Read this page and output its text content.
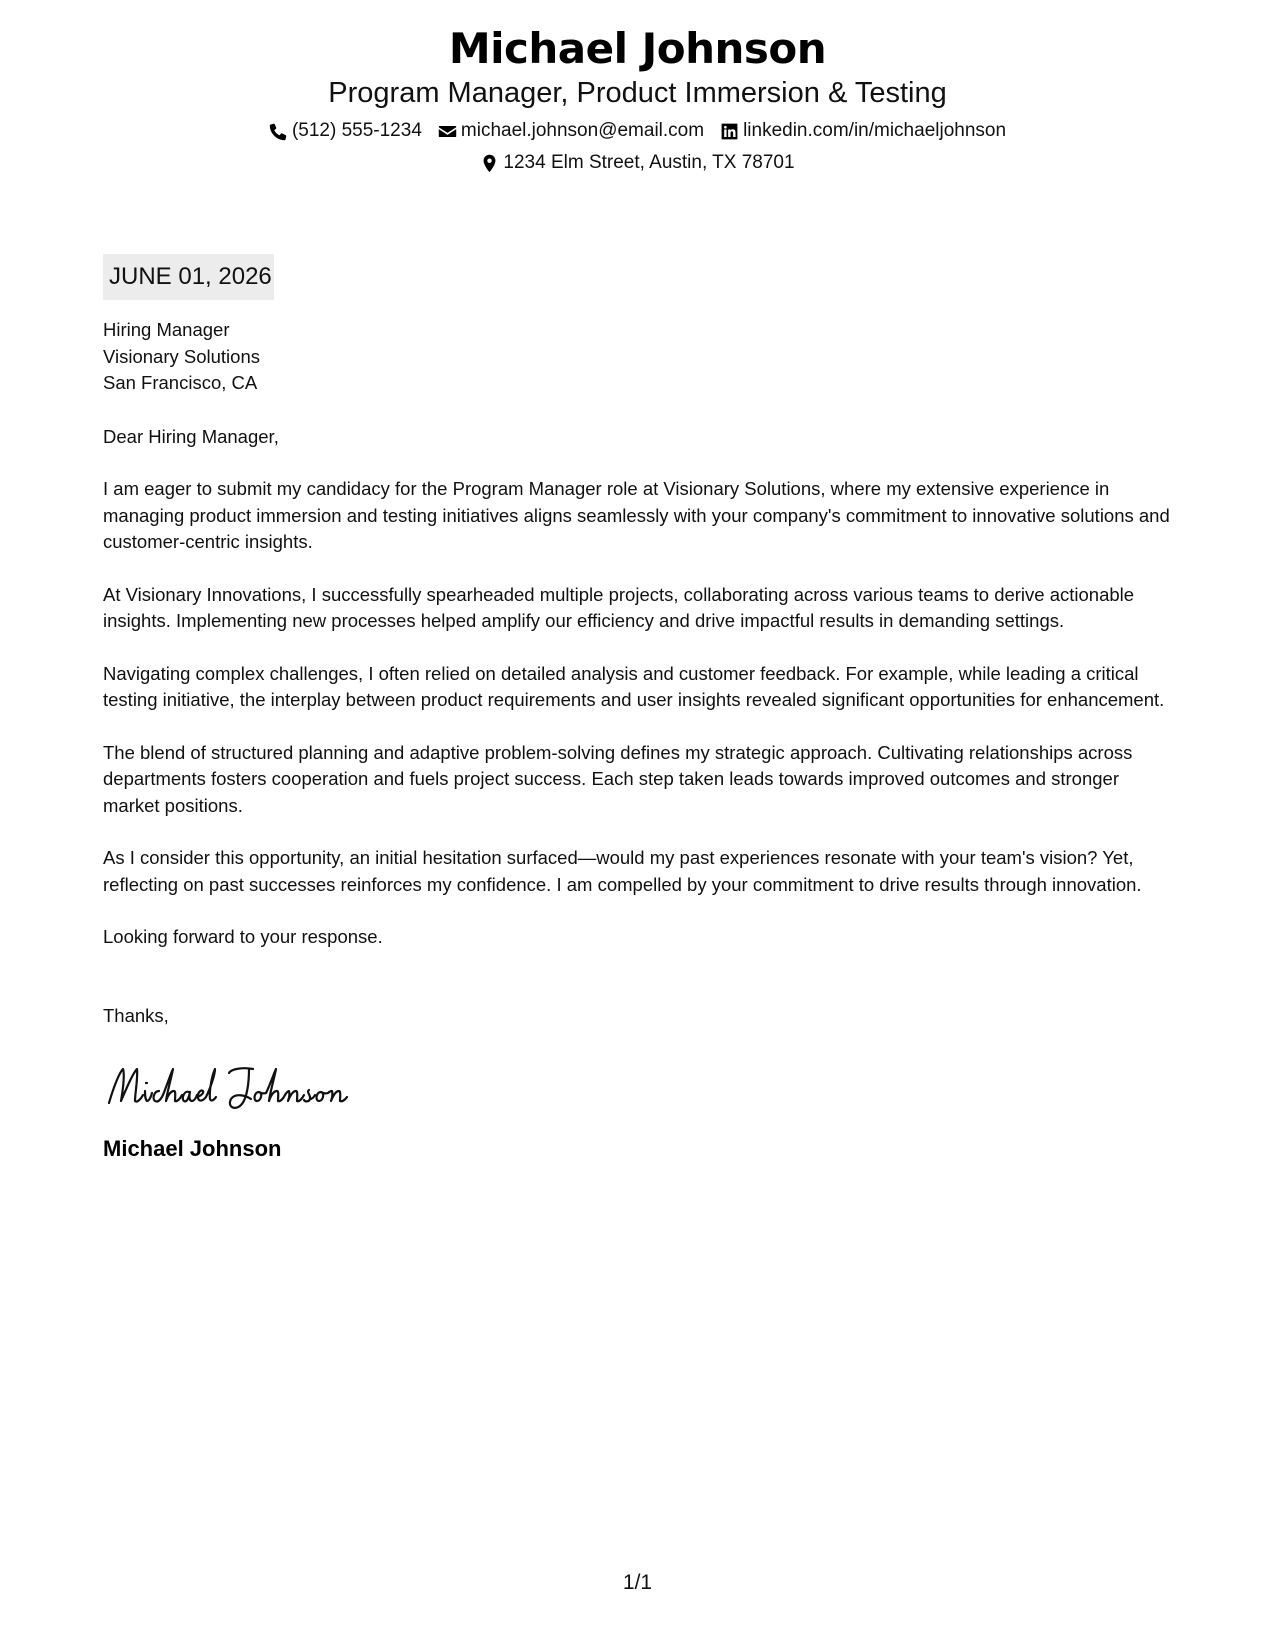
Michael Johnson
Program Manager, Product Immersion & Testing
(512) 555-1234 michael.johnson@email.com linkedin.com/in/michaeljohnson
1234 Elm Street, Austin, TX 78701
JUNE 01, 2026
Hiring Manager
Visionary Solutions
San Francisco, CA
Dear Hiring Manager,
I am eager to submit my candidacy for the Program Manager role at Visionary Solutions, where my extensive experience in managing product immersion and testing initiatives aligns seamlessly with your company's commitment to innovative solutions and customer-centric insights.
At Visionary Innovations, I successfully spearheaded multiple projects, collaborating across various teams to derive actionable insights. Implementing new processes helped amplify our efficiency and drive impactful results in demanding settings.
Navigating complex challenges, I often relied on detailed analysis and customer feedback. For example, while leading a critical testing initiative, the interplay between product requirements and user insights revealed significant opportunities for enhancement.
The blend of structured planning and adaptive problem-solving defines my strategic approach. Cultivating relationships across departments fosters cooperation and fuels project success. Each step taken leads towards improved outcomes and stronger market positions.
As I consider this opportunity, an initial hesitation surfaced—would my past experiences resonate with your team's vision? Yet, reflecting on past successes reinforces my confidence. I am compelled by your commitment to drive results through innovation.
Looking forward to your response.
Thanks,
Michael Johnson
1/1
